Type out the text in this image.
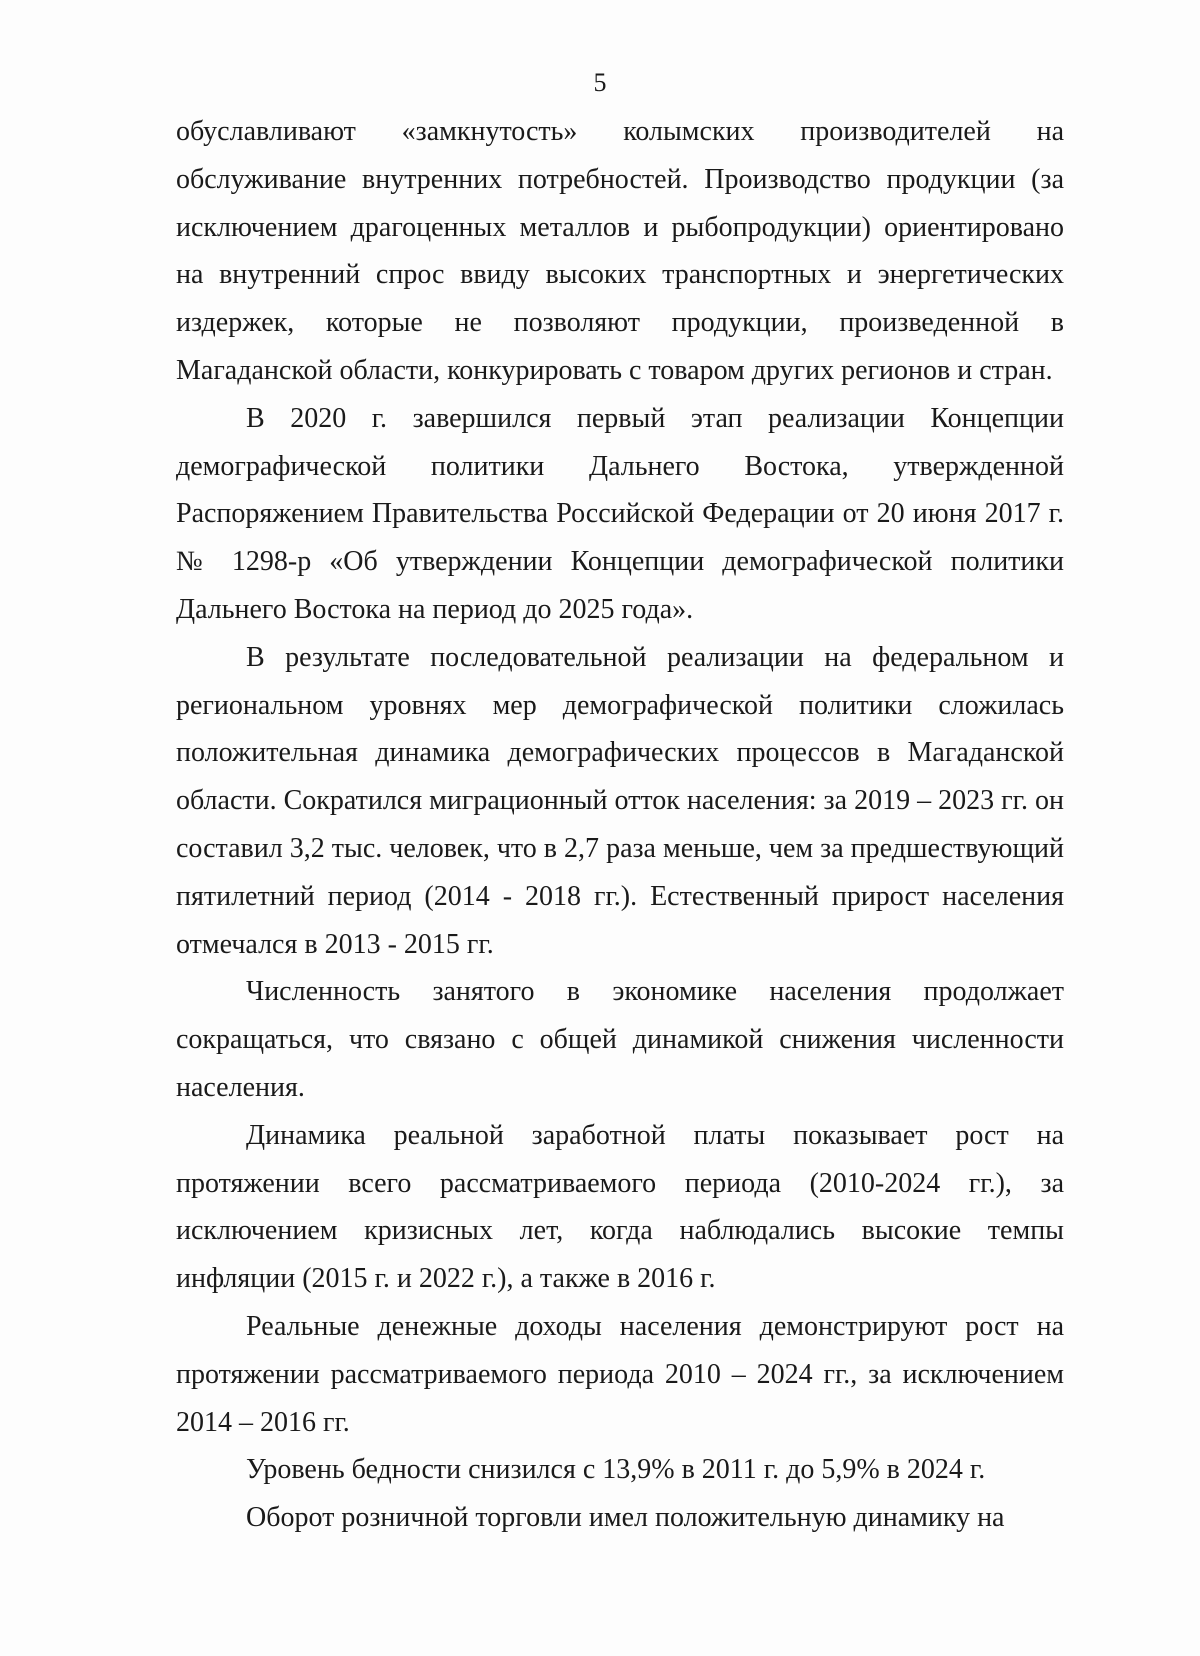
5

обуславливают «замкнутость» колымских производителей на обслуживание внутренних потребностей. Производство продукции (за исключением драгоценных металлов и рыбопродукции) ориентировано на внутренний спрос ввиду высоких транспортных и энергетических издержек, которые не позволяют продукции, произведенной в Магаданской области, конкурировать с товаром других регионов и стран.

В 2020 г. завершился первый этап реализации Концепции демографической политики Дальнего Востока, утвержденной Распоряжением Правительства Российской Федерации от 20 июня 2017 г. № 1298-р «Об утверждении Концепции демографической политики Дальнего Востока на период до 2025 года».

В результате последовательной реализации на федеральном и региональном уровнях мер демографической политики сложилась положительная динамика демографических процессов в Магаданской области. Сократился миграционный отток населения: за 2019 – 2023 гг. он составил 3,2 тыс. человек, что в 2,7 раза меньше, чем за предшествующий пятилетний период (2014 - 2018 гг.). Естественный прирост населения отмечался в 2013 - 2015 гг.

Численность занятого в экономике населения продолжает сокращаться, что связано с общей динамикой снижения численности населения.

Динамика реальной заработной платы показывает рост на протяжении всего рассматриваемого периода (2010-2024 гг.), за исключением кризисных лет, когда наблюдались высокие темпы инфляции (2015 г. и 2022 г.), а также в 2016 г.

Реальные денежные доходы населения демонстрируют рост на протяжении рассматриваемого периода 2010 – 2024 гг., за исключением 2014 – 2016 гг.

Уровень бедности снизился с 13,9% в 2011 г. до 5,9% в 2024 г.

Оборот розничной торговли имел положительную динамику на
